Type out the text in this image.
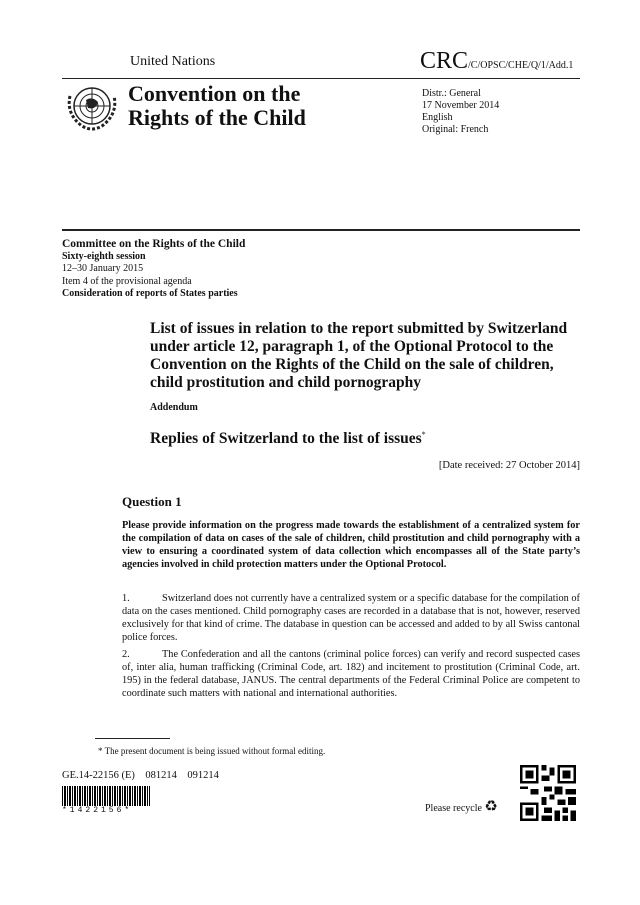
United Nations	CRC/C/OPSC/CHE/Q/1/Add.1
Convention on the
Rights of the Child
Distr.: General
17 November 2014
English
Original: French
Committee on the Rights of the Child
Sixty-eighth session
12–30 January 2015
Item 4 of the provisional agenda
Consideration of reports of States parties
List of issues in relation to the report submitted by Switzerland under article 12, paragraph 1, of the Optional Protocol to the Convention on the Rights of the Child on the sale of children, child prostitution and child pornography
Addendum
Replies of Switzerland to the list of issues*
[Date received: 27 October 2014]
Question 1
Please provide information on the progress made towards the establishment of a centralized system for the compilation of data on cases of the sale of children, child prostitution and child pornography with a view to ensuring a coordinated system of data collection which encompasses all of the State party’s agencies involved in child protection matters under the Optional Protocol.
1.	Switzerland does not currently have a centralized system or a specific database for the compilation of data on the cases mentioned. Child pornography cases are recorded in a database that is not, however, reserved exclusively for that kind of crime. The database in question can be accessed and added to by all Swiss cantonal police forces.
2.	The Confederation and all the cantons (criminal police forces) can verify and record suspected cases of, inter alia, human trafficking (Criminal Code, art. 182) and incitement to prostitution (Criminal Code, art. 195) in the federal database, JANUS. The central departments of the Federal Criminal Police are competent to coordinate such matters with national and international authorities.
* The present document is being issued without formal editing.
GE.14-22156 (E)    081214    091214
*1422156*	Please recycle ♻
